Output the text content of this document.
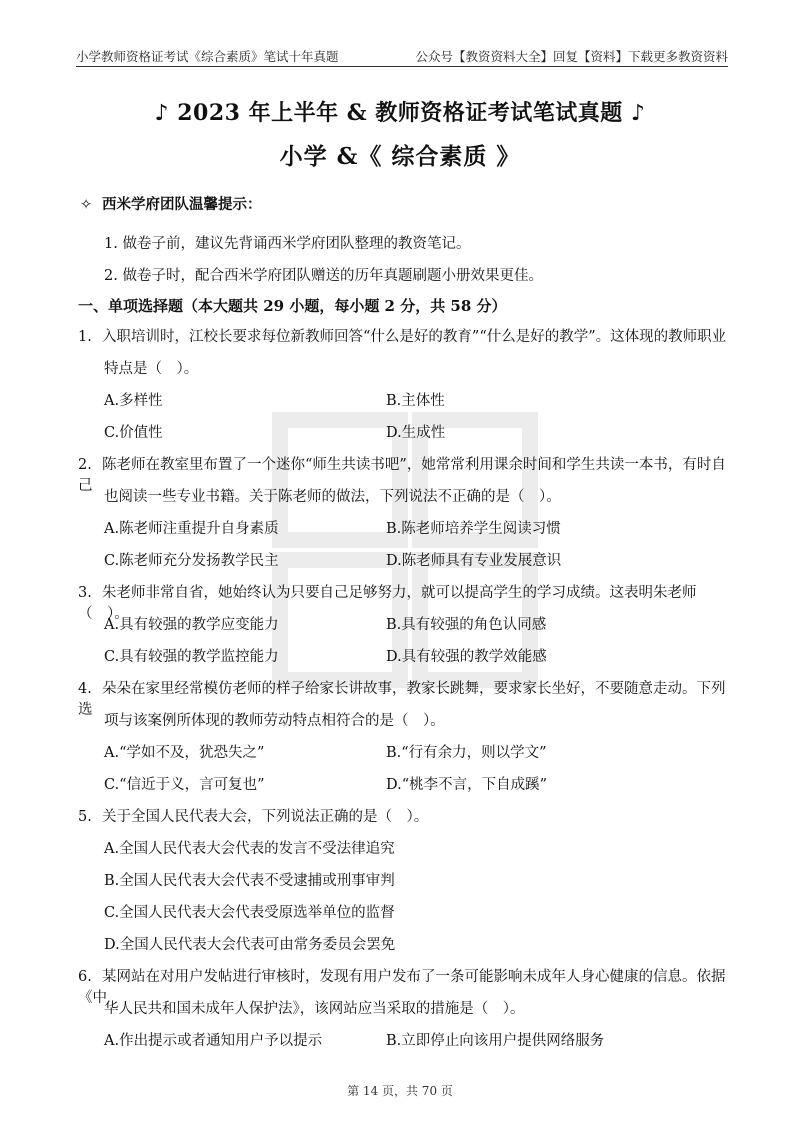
小学教师资格证考试《综合素质》笔试十年真题	公众号【教资资料大全】回复【资料】下载更多教资资料
♪ 2023 年上半年 & 教师资格证考试笔试真题 ♪
小学 &《 综合素质 》
✧ 西米学府团队温馨提示：
1. 做卷子前，建议先背诵西米学府团队整理的教资笔记。
2. 做卷子时，配合西米学府团队赠送的历年真题刷题小册效果更佳。
一、单项选择题（本大题共 29 小题，每小题 2 分，共 58 分）
1. 入职培训时，江校长要求每位新教师回答“什么是好的教育”“什么是好的教学”。这体现的教师职业
特点是（　）。
A.多样性	B.主体性
C.价值性	D.生成性
2. 陈老师在教室里布置了一个迷你“师生共读书吧”，她常常利用课余时间和学生共读一本书，有时自己
也阅读一些专业书籍。关于陈老师的做法，下列说法不正确的是（　）。
A.陈老师注重提升自身素质	B.陈老师培养学生阅读习惯
C.陈老师充分发扬教学民主	D.陈老师具有专业发展意识
3. 朱老师非常自省，她始终认为只要自己足够努力，就可以提高学生的学习成绩。这表明朱老师（　）。
A.具有较强的教学应变能力	B.具有较强的角色认同感
C.具有较强的教学监控能力	D.具有较强的教学效能感
4. 朵朵在家里经常模仿老师的样子给家长讲故事，教家长跳舞，要求家长坐好，不要随意走动。下列选
项与该案例所体现的教师劳动特点相符合的是（　）。
A.“学如不及，犹恐失之”	B.“行有余力，则以学文”
C.“信近于义，言可复也”	D.“桃李不言，下自成蹊”
5. 关于全国人民代表大会，下列说法正确的是（　）。
A.全国人民代表大会代表的发言不受法律追究
B.全国人民代表大会代表不受逮捕或刑事审判
C.全国人民代表大会代表受原选举单位的监督
D.全国人民代表大会代表可由常务委员会罢免
6. 某网站在对用户发帖进行审核时，发现有用户发布了一条可能影响未成年人身心健康的信息。依据《中
华人民共和国未成年人保护法》，该网站应当采取的措施是（　）。
A.作出提示或者通知用户予以提示	B.立即停止向该用户提供网络服务
第 14 页，共 70 页
